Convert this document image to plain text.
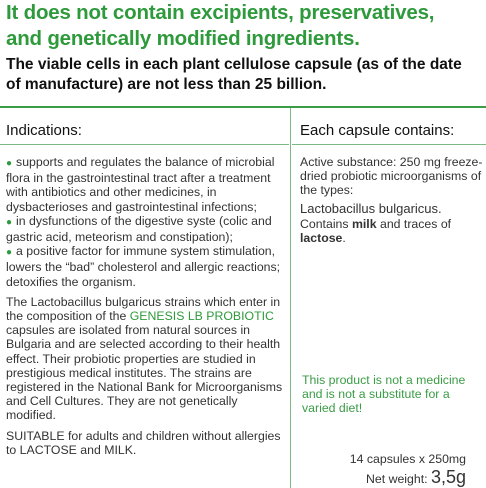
It does not contain excipients, preservatives,
and genetically modified ingredients.
The viable cells in each plant cellulose capsule (as of the date
of manufacture) are not less than 25 billion.
Indications:

● supports and regulates the balance of microbial flora in the gastrointestinal tract after a treatment with antibiotics and other medicines, in dysbacterioses and gastrointestinal infections;

● in dysfunctions of the digestive syste (colic and gastric acid, meteorism and constipation);

● a positive factor for immune system stimulation, lowers the “bad” cholesterol and allergic reactions; detoxifies the organism.

The Lactobacillus bulgaricus strains which enter in the composition of the GENESIS LB PROBIOTIC capsules are isolated from natural sources in Bulgaria and are selected according to their health effect. Their probiotic properties are studied in prestigious medical institutes. The strains are registered in the National Bank for Microorganisms and Cell Cultures. They are not genetically modified.

SUITABLE for adults and children without allergies to LACTOSE and MILK.

Each capsule contains:

Active substance: 250 mg freeze-dried probiotic microorganisms of the types:

Lactobacillus bulgaricus.

Contains milk and traces of lactose.

This product is not a medicine and is not a substitute for a varied diet!
14 capsules x 250mg
Net weight: 3,5g
